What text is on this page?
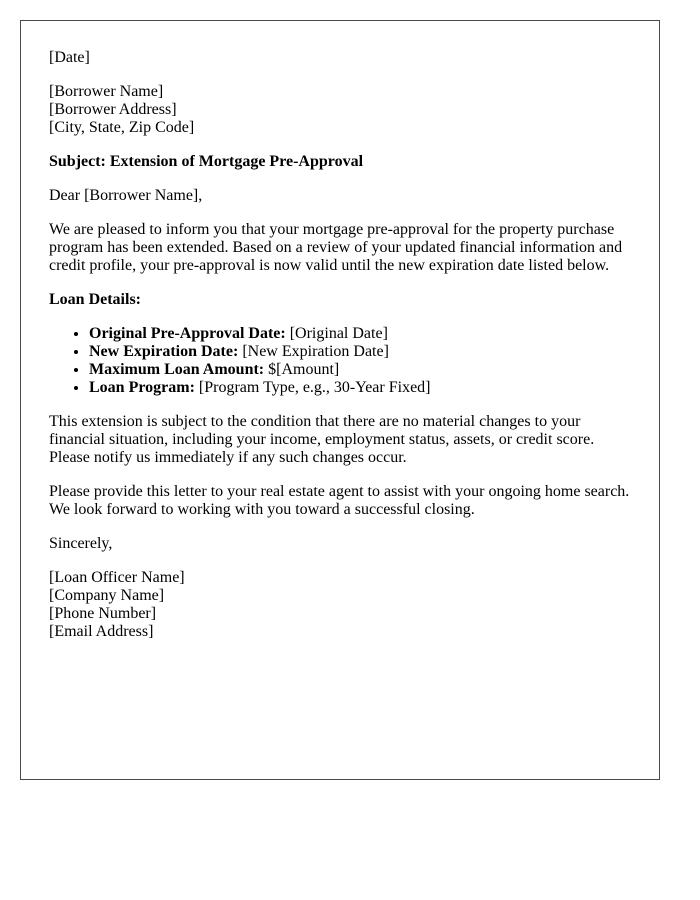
[Date]
[Borrower Name]
[Borrower Address]
[City, State, Zip Code]
Subject: Extension of Mortgage Pre-Approval
Dear [Borrower Name],
We are pleased to inform you that your mortgage pre-approval for the property purchase
program has been extended. Based on a review of your updated financial information and
credit profile, your pre-approval is now valid until the new expiration date listed below.
Loan Details:
• Original Pre-Approval Date: [Original Date]
• New Expiration Date: [New Expiration Date]
• Maximum Loan Amount: $[Amount]
• Loan Program: [Program Type, e.g., 30-Year Fixed]
This extension is subject to the condition that there are no material changes to your
financial situation, including your income, employment status, assets, or credit score.
Please notify us immediately if any such changes occur.
Please provide this letter to your real estate agent to assist with your ongoing home search.
We look forward to working with you toward a successful closing.
Sincerely,
[Loan Officer Name]
[Company Name]
[Phone Number]
[Email Address]
